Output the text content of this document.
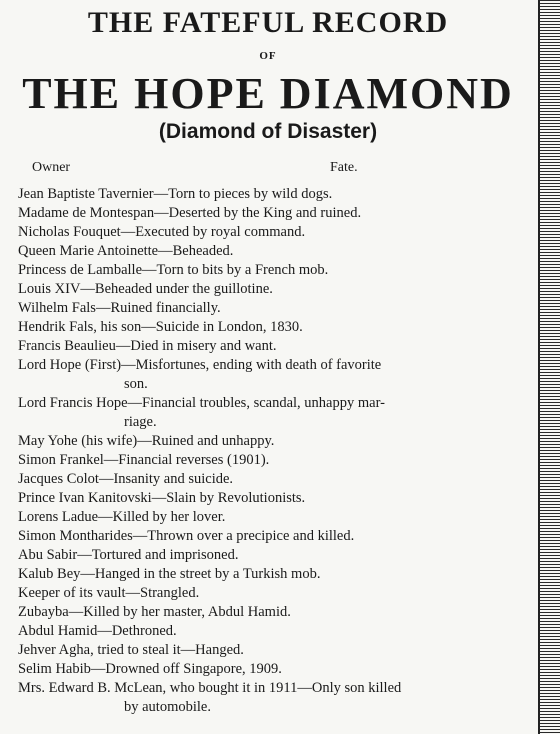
THE FATEFUL RECORD
OF
THE HOPE DIAMOND
(Diamond of Disaster)
Owner	Fate.
Jean Baptiste Tavernier—Torn to pieces by wild dogs.
Madame de Montespan—Deserted by the King and ruined.
Nicholas Fouquet—Executed by royal command.
Queen Marie Antoinette—Beheaded.
Princess de Lamballe—Torn to bits by a French mob.
Louis XIV—Beheaded under the guillotine.
Wilhelm Fals—Ruined financially.
Hendrik Fals, his son—Suicide in London, 1830.
Francis Beaulieu—Died in misery and want.
Lord Hope (First)—Misfortunes, ending with death of favorite
son.
Lord Francis Hope—Financial troubles, scandal, unhappy mar-
riage.
May Yohe (his wife)—Ruined and unhappy.
Simon Frankel—Financial reverses (1901).
Jacques Colot—Insanity and suicide.
Prince Ivan Kanitovski—Slain by Revolutionists.
Lorens Ladue—Killed by her lover.
Simon Montharides—Thrown over a precipice and killed.
Abu Sabir—Tortured and imprisoned.
Kalub Bey—Hanged in the street by a Turkish mob.
Keeper of its vault—Strangled.
Zubayba—Killed by her master, Abdul Hamid.
Abdul Hamid—Dethroned.
Jehver Agha, tried to steal it—Hanged.
Selim Habib—Drowned off Singapore, 1909.
Mrs. Edward B. McLean, who bought it in 1911—Only son killed
by automobile.
